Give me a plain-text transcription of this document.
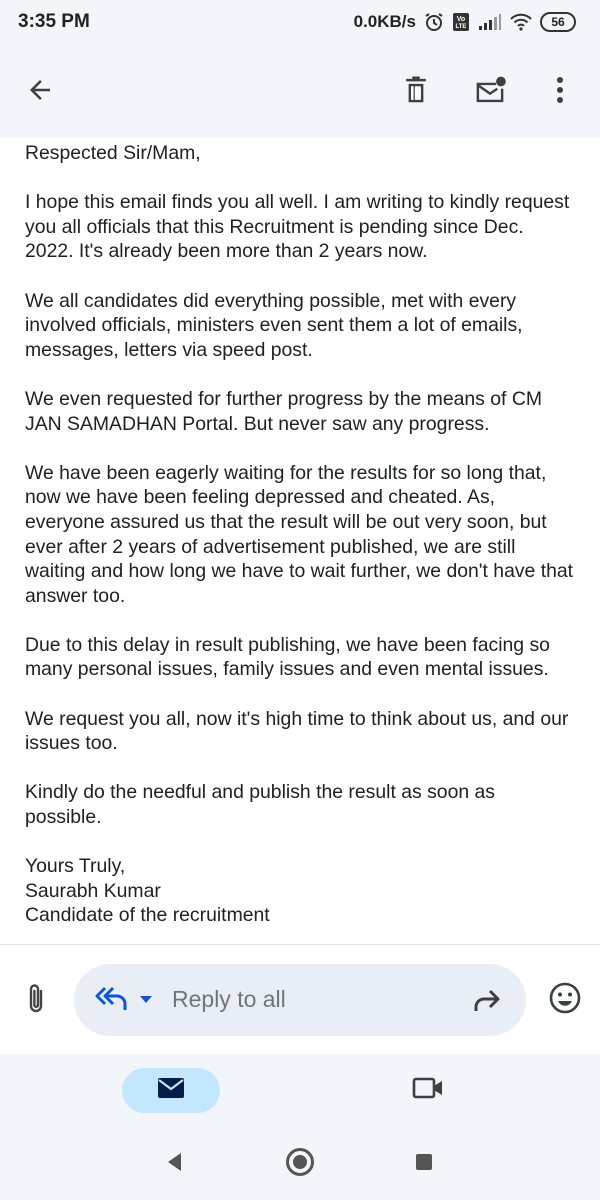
3:35 PM	0.0KB/s	Vo
LTE	56
Respected Sir/Mam,

I hope this email finds you all well. I am writing to kindly request you all officials that this Recruitment is pending since Dec. 2022. It's already been more than 2 years now.

We all candidates did everything possible, met with every involved officials, ministers even sent them a lot of emails, messages, letters via speed post.

We even requested for further progress by the means of CM JAN SAMADHAN Portal. But never saw any progress.

We have been eagerly waiting for the results for so long that, now we have been feeling depressed and cheated. As, everyone assured us that the result will be out very soon, but ever after 2 years of advertisement published, we are still waiting and how long we have to wait further, we don't have that answer too.

Due to this delay in result publishing, we have been facing so many personal issues, family issues and even mental issues.

We request you all, now it's high time to think about us, and our issues too.

Kindly do the needful and publish the result as soon as possible.

Yours Truly,
Saurabh Kumar
Candidate of the recruitment
Reply to all
